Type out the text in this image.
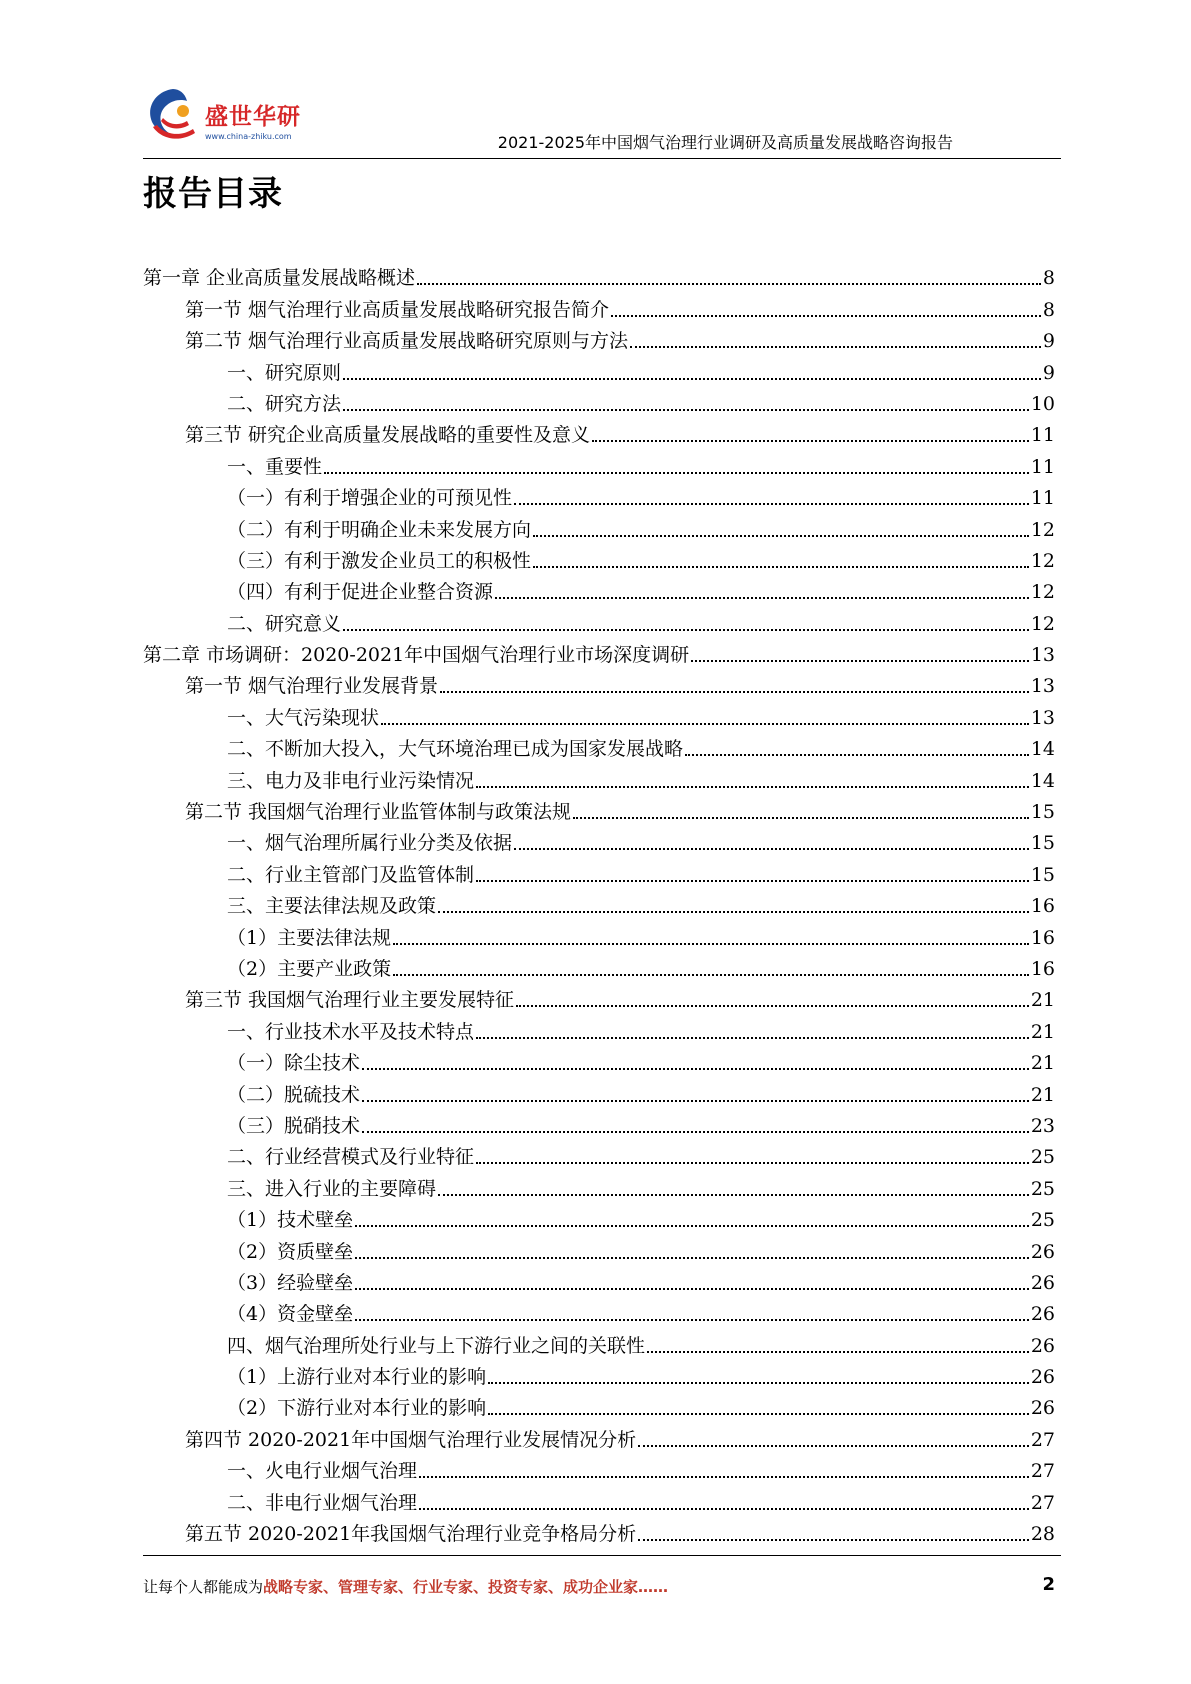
盛世华研
www.china-zhiku.com	2021-2025年中国烟气治理行业调研及高质量发展战略咨询报告
报告目录
第一章 企业高质量发展战略概述	8
第一节 烟气治理行业高质量发展战略研究报告简介	8
第二节 烟气治理行业高质量发展战略研究原则与方法	9
一、研究原则	9
二、研究方法	10
第三节 研究企业高质量发展战略的重要性及意义	11
一、重要性	11
（一）有利于增强企业的可预见性	11
（二）有利于明确企业未来发展方向	12
（三）有利于激发企业员工的积极性	12
（四）有利于促进企业整合资源	12
二、研究意义	12
第二章 市场调研：2020-2021年中国烟气治理行业市场深度调研	13
第一节 烟气治理行业发展背景	13
一、大气污染现状	13
二、不断加大投入，大气环境治理已成为国家发展战略	14
三、电力及非电行业污染情况	14
第二节 我国烟气治理行业监管体制与政策法规	15
一、烟气治理所属行业分类及依据	15
二、行业主管部门及监管体制	15
三、主要法律法规及政策	16
（1）主要法律法规	16
（2）主要产业政策	16
第三节 我国烟气治理行业主要发展特征	21
一、行业技术水平及技术特点	21
（一）除尘技术	21
（二）脱硫技术	21
（三）脱硝技术	23
二、行业经营模式及行业特征	25
三、进入行业的主要障碍	25
（1）技术壁垒	25
（2）资质壁垒	26
（3）经验壁垒	26
（4）资金壁垒	26
四、烟气治理所处行业与上下游行业之间的关联性	26
（1）上游行业对本行业的影响	26
（2）下游行业对本行业的影响	26
第四节 2020-2021年中国烟气治理行业发展情况分析	27
一、火电行业烟气治理	27
二、非电行业烟气治理	27
第五节 2020-2021年我国烟气治理行业竞争格局分析	28
让每个人都能成为战略专家、管理专家、行业专家、投资专家、成功企业家……	2
